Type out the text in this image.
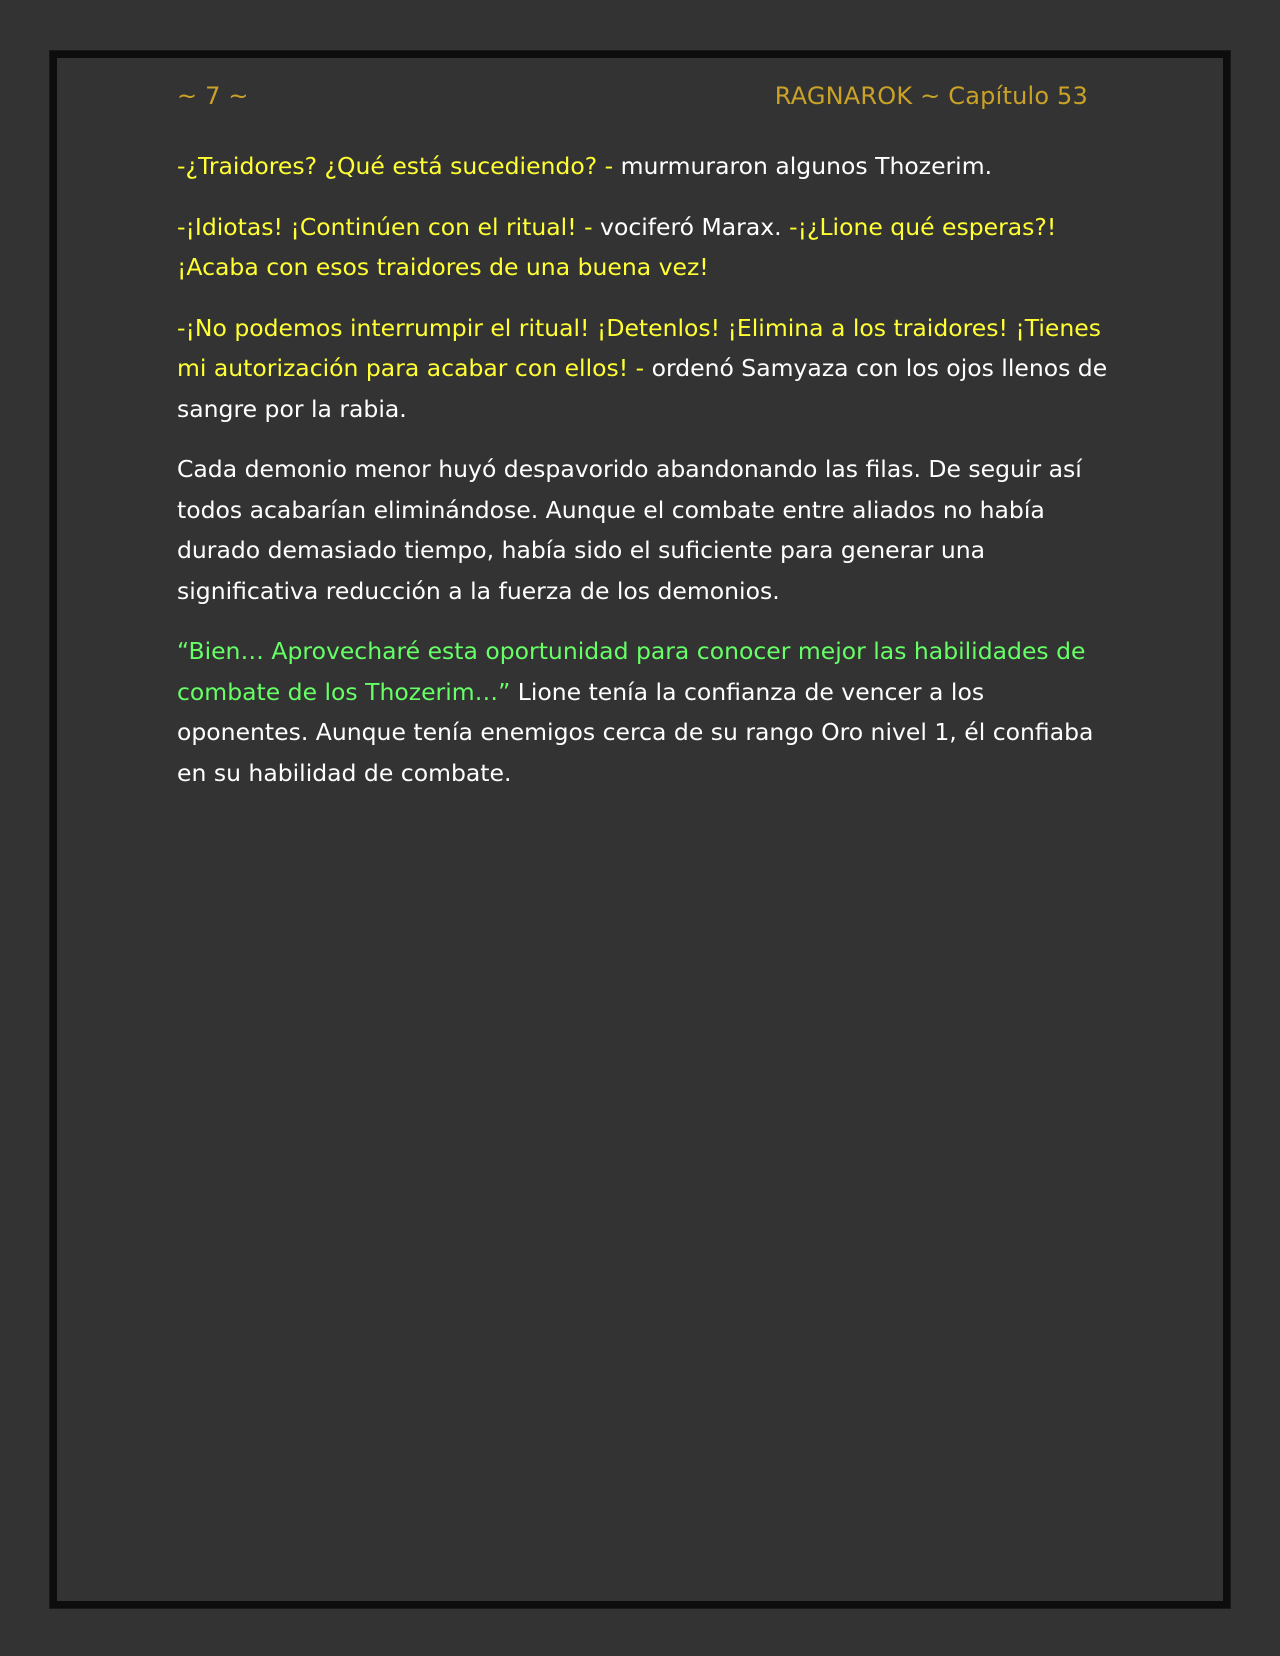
~ 7 ~	RAGNAROK ~ Capítulo 53

-¿Traidores? ¿Qué está sucediendo? - murmuraron algunos Thozerim.

-¡Idiotas! ¡Continúen con el ritual! - vociferó Marax. -¡¿Lione qué esperas?! ¡Acaba con esos traidores de una buena vez!

-¡No podemos interrumpir el ritual! ¡Detenlos! ¡Elimina a los traidores! ¡Tienes mi autorización para acabar con ellos! - ordenó Samyaza con los ojos llenos de sangre por la rabia.

Cada demonio menor huyó despavorido abandonando las filas. De seguir así todos acabarían eliminándose. Aunque el combate entre aliados no había durado demasiado tiempo, había sido el suficiente para generar una significativa reducción a la fuerza de los demonios.

“Bien… Aprovecharé esta oportunidad para conocer mejor las habilidades de combate de los Thozerim…” Lione tenía la confianza de vencer a los oponentes. Aunque tenía enemigos cerca de su rango Oro nivel 1, él confiaba en su habilidad de combate.
